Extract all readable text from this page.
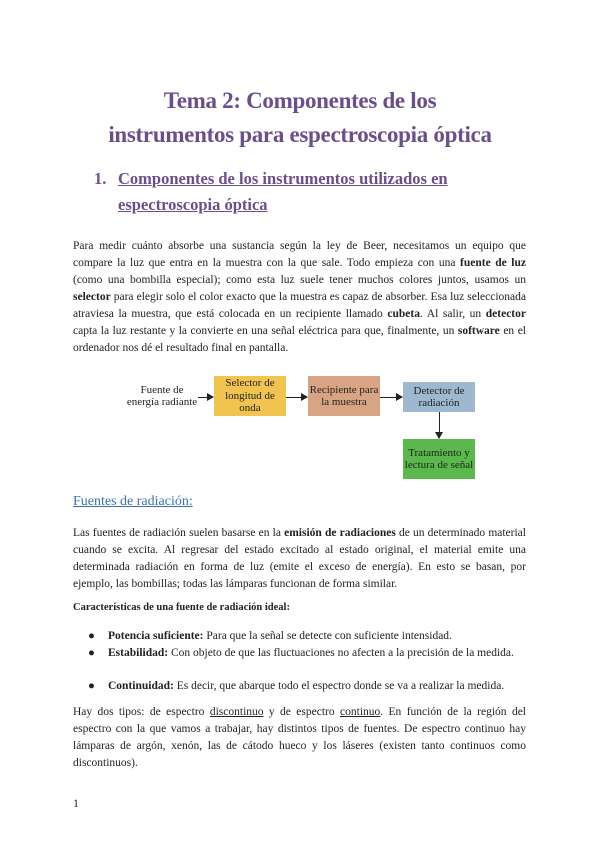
Tema 2: Componentes de los
instrumentos para espectroscopia óptica
1. Componentes de los instrumentos utilizados en
espectroscopia óptica

Para medir cuánto absorbe una sustancia según la ley de Beer, necesitamos un equipo que compare la luz que entra en la muestra con la que sale. Todo empieza con una fuente de luz (como una bombilla especial); como esta luz suele tener muchos colores juntos, usamos un selector para elegir solo el color exacto que la muestra es capaz de absorber. Esa luz seleccionada atraviesa la muestra, que está colocada en un recipiente llamado cubeta. Al salir, un detector capta la luz restante y la convierte en una señal eléctrica para que, finalmente, un software en el ordenador nos dé el resultado final en pantalla.

Fuente de energía radiante
Selector de longitud de onda
Recipiente para la muestra
Detector de radiación
Tratamiento y lectura de señal
Fuentes de radiación:

Las fuentes de radiación suelen basarse en la emisión de radiaciones de un determinado material cuando se excita. Al regresar del estado excitado al estado original, el material emite una determinada radiación en forma de luz (emite el exceso de energía). En esto se basan, por ejemplo, las bombillas; todas las lámparas funcionan de forma similar.

Características de una fuente de radiación ideal:
● Potencia suficiente: Para que la señal se detecte con suficiente intensidad.
● Estabilidad: Con objeto de que las fluctuaciones no afecten a la precisión de la medida.
● Continuidad: Es decir, que abarque todo el espectro donde se va a realizar la medida.

Hay dos tipos: de espectro discontinuo y de espectro continuo. En función de la región del espectro con la que vamos a trabajar, hay distintos tipos de fuentes. De espectro continuo hay lámparas de argón, xenón, las de cátodo hueco y los láseres (existen tanto continuos como discontinuos).

1
